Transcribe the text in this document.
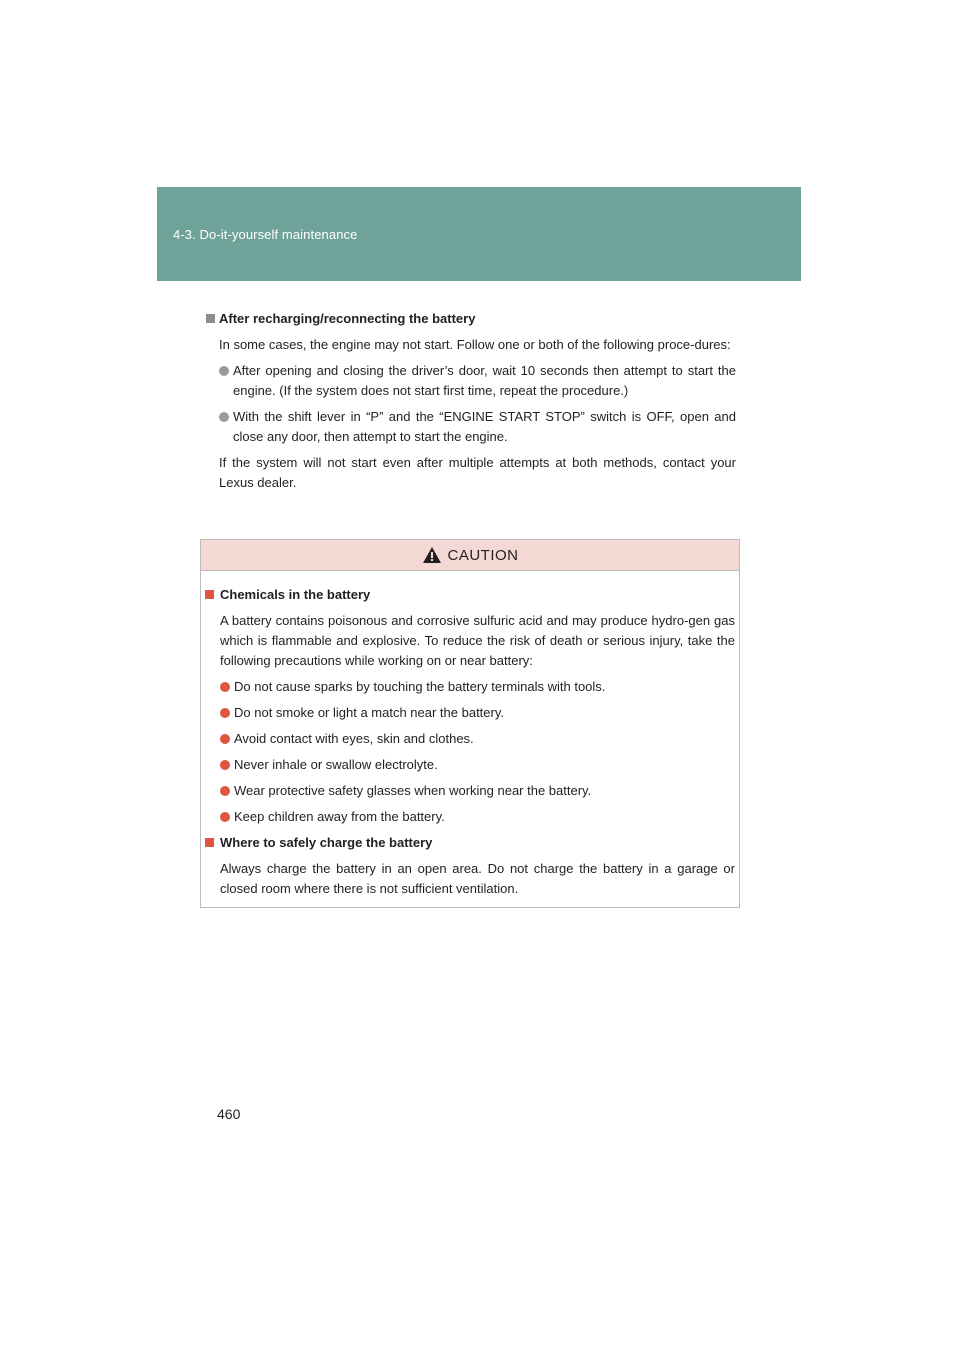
4-3. Do-it-yourself maintenance

After recharging/reconnecting the battery

In some cases, the engine may not start. Follow one or both of the following proce-dures:

After opening and closing the driver’s door, wait 10 seconds then attempt to start the engine. (If the system does not start first time, repeat the procedure.)
With the shift lever in “P” and the “ENGINE START STOP” switch is OFF, open and close any door, then attempt to start the engine.

If the system will not start even after multiple attempts at both methods, contact your Lexus dealer.

CAUTION

Chemicals in the battery

A battery contains poisonous and corrosive sulfuric acid and may produce hydro-gen gas which is flammable and explosive. To reduce the risk of death or serious injury, take the following precautions while working on or near battery:

Do not cause sparks by touching the battery terminals with tools.
Do not smoke or light a match near the battery.
Avoid contact with eyes, skin and clothes.
Never inhale or swallow electrolyte.
Wear protective safety glasses when working near the battery.
Keep children away from the battery.

Where to safely charge the battery

Always charge the battery in an open area. Do not charge the battery in a garage or closed room where there is not sufficient ventilation.

460
